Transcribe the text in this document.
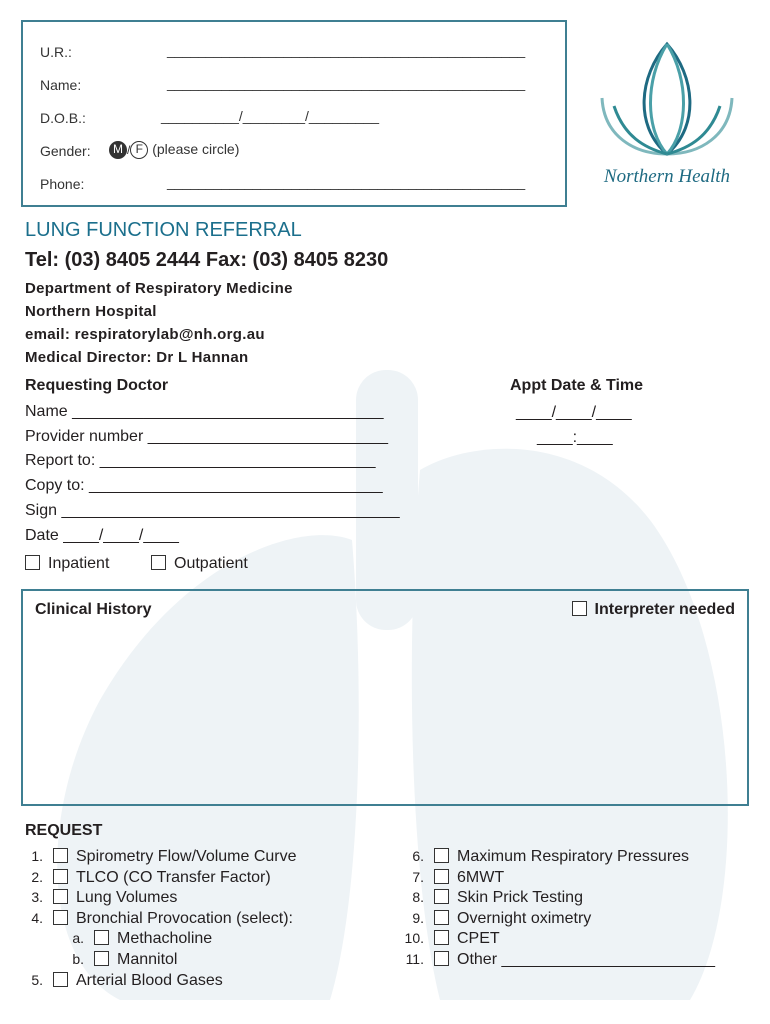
U.R.:	______________________________________________
Name:	______________________________________________
D.O.B.:	__________/________/_________
Gender:	M / F (please circle)
Phone:	______________________________________________	Northern Health
LUNG FUNCTION REFERRAL
Tel: (03) 8405 2444 Fax: (03) 8405 8230
Department of Respiratory Medicine
Northern Hospital
email: respiratorylab@nh.org.au
Medical Director: Dr L Hannan
Requesting Doctor
Name ___________________________________
Provider number ___________________________
Report to: _______________________________
Copy to: _________________________________
Sign ______________________________________
Date ____/____/____
Appt Date & Time
____/____/____
____:____
Inpatient	Outpatient
Clinical History	Interpreter needed
REQUEST
1. Spirometry Flow/Volume Curve
2. TLCO (CO Transfer Factor)
3. Lung Volumes
4. Bronchial Provocation (select):
a. Methacholine
b. Mannitol
5. Arterial Blood Gases
6. Maximum Respiratory Pressures
7. 6MWT
8. Skin Prick Testing
9. Overnight oximetry
10. CPET
11. Other ________________________
